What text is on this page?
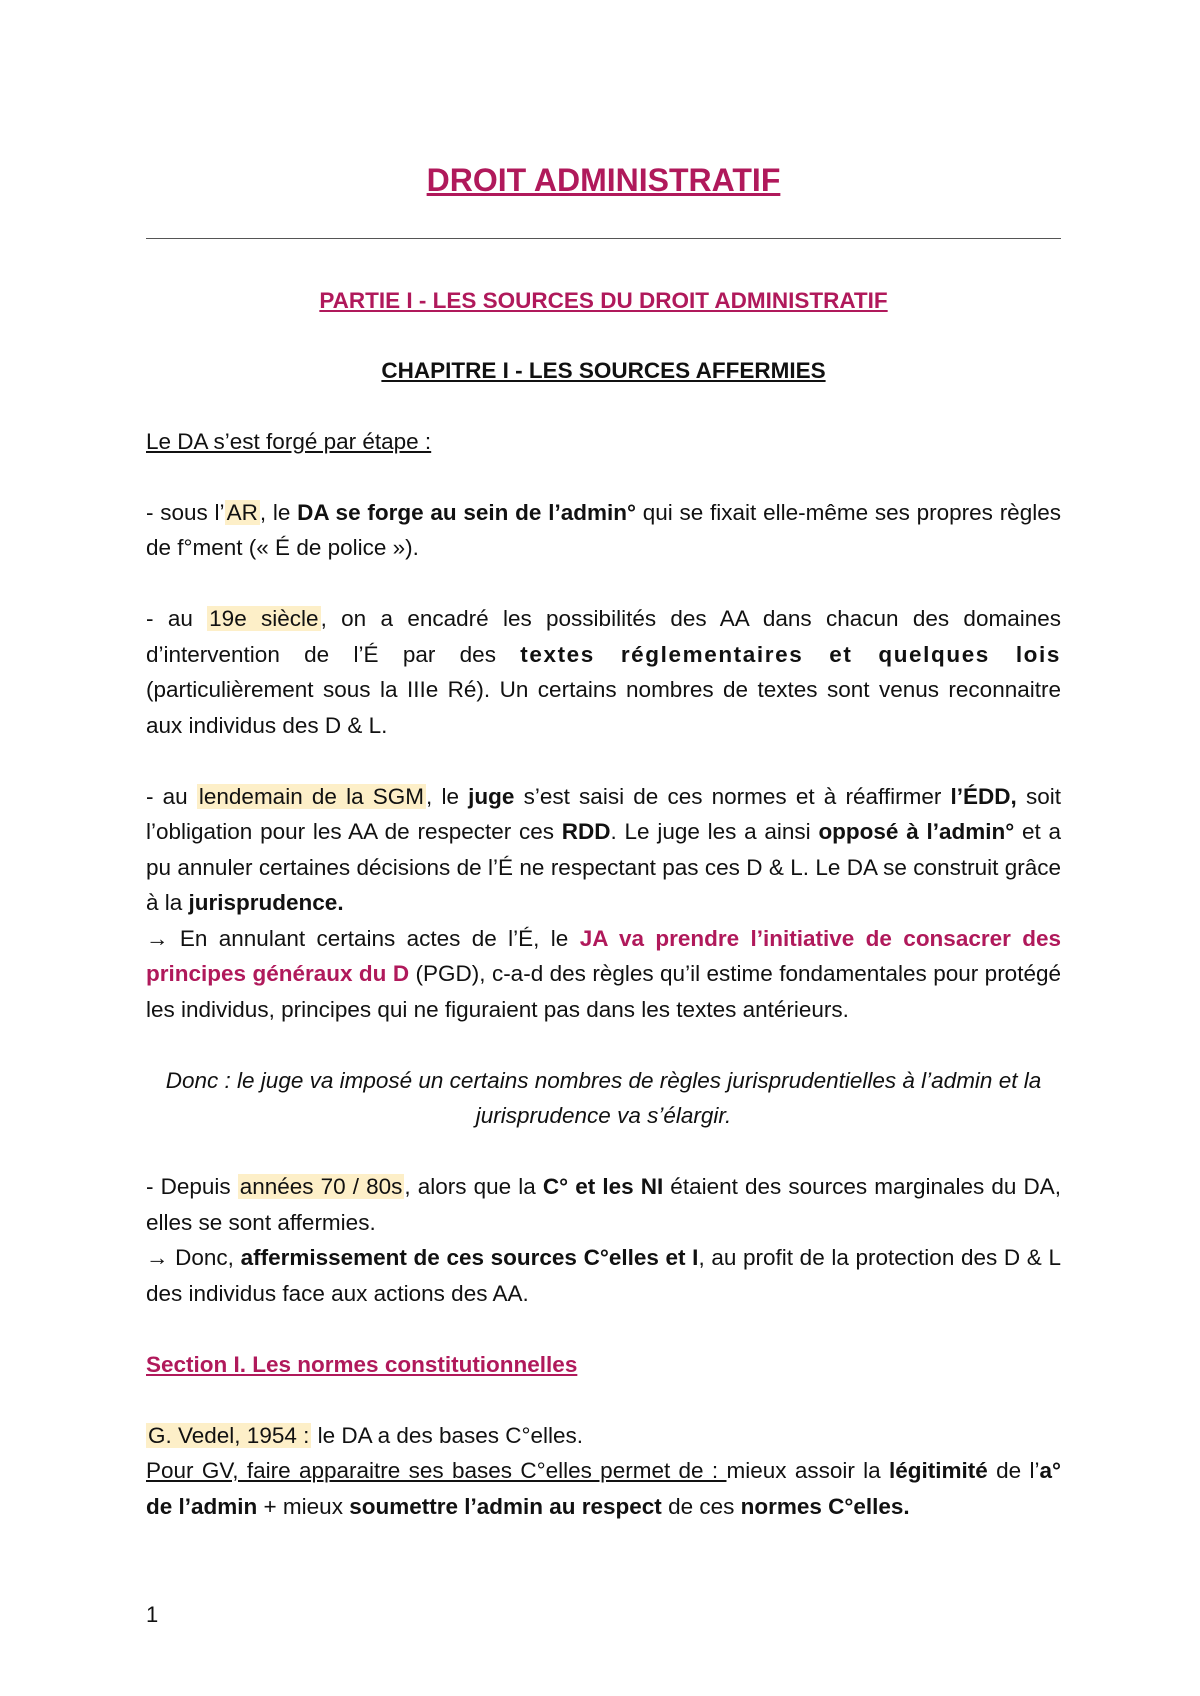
DROIT ADMINISTRATIF

PARTIE I - LES SOURCES DU DROIT ADMINISTRATIF

CHAPITRE I - LES SOURCES AFFERMIES

Le DA s’est forgé par étape :

- sous l’AR, le DA se forge au sein de l’admin° qui se fixait elle-même ses propres règles de f°ment (« É de police »).

- au 19e siècle, on a encadré les possibilités des AA dans chacun des domaines d’intervention de l’É par des textes réglementaires et quelques lois (particulièrement sous la IIIe Ré). Un certains nombres de textes sont venus reconnaitre aux individus des D & L.

- au lendemain de la SGM, le juge s’est saisi de ces normes et à réaffirmer l’ÉDD, soit l’obligation pour les AA de respecter ces RDD. Le juge les a ainsi opposé à l’admin° et a pu annuler certaines décisions de l’É ne respectant pas ces D & L. Le DA se construit grâce à la jurisprudence.

→ En annulant certains actes de l’É, le JA va prendre l’initiative de consacrer des principes généraux du D (PGD), c-a-d des règles qu’il estime fondamentales pour protégé les individus, principes qui ne figuraient pas dans les textes antérieurs.

Donc : le juge va imposé un certains nombres de règles jurisprudentielles à l’admin et la jurisprudence va s’élargir.

- Depuis années 70 / 80s, alors que la C° et les NI étaient des sources marginales du DA, elles se sont affermies.

→ Donc, affermissement de ces sources C°elles et I, au profit de la protection des D & L des individus face aux actions des AA.

Section I. Les normes constitutionnelles

G. Vedel, 1954 : le DA a des bases C°elles.

Pour GV, faire apparaitre ses bases C°elles permet de : mieux assoir la légitimité de l’a° de l’admin + mieux soumettre l’admin au respect de ces normes C°elles.

1
